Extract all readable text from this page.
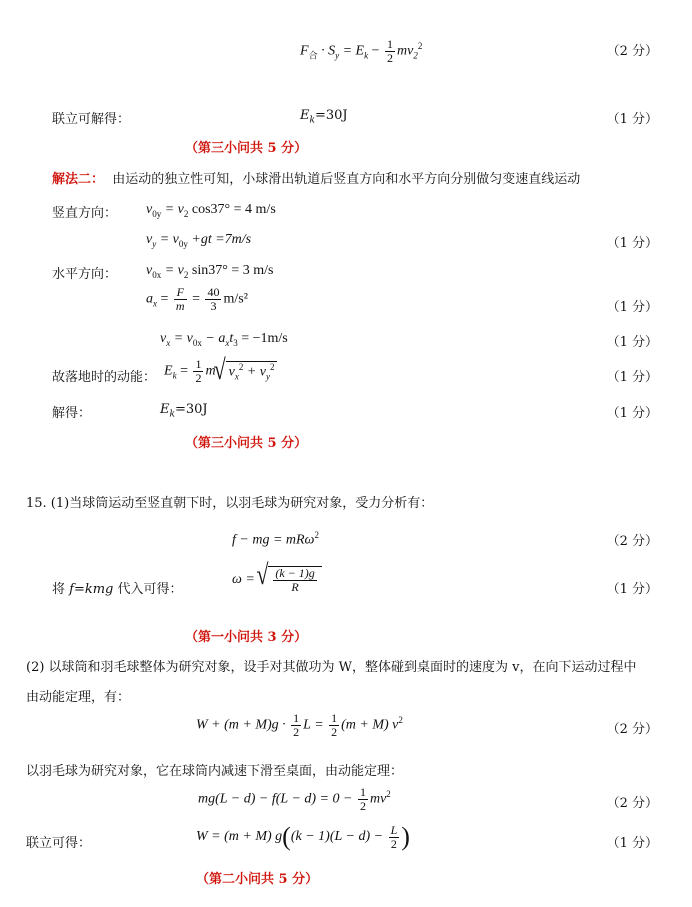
$F_合 \cdot S_y = E_k - \frac{1}{2} mv_2^2$	（2 分）
联立可解得：	$E_k=30J$	（1 分）
（第三小问共 5 分）
解法二： 由运动的独立性可知，小球滑出轨道后竖直方向和水平方向分别做匀变速直线运动
竖直方向： $v_{0y} = v_2$ cos37° = 4 m/s
$v_y = v_{0y} +gt =7m/s$	（1 分）
水平方向： $v_{0x} = v_2$ sin37° = 3 m/s
$a_x = \frac{F}{m} = \frac{40}{3} m/s^2$
（1 分）
$v_x = v_{0x} - a_xt_3 = -1m/s$	（1 分）
故落地时的动能： $E_k = \frac{1}{2} m√$ $v_x^2 + v_y^2$
（1 分）
解得：	$E_k=30J$	（1 分）
（第三小问共 5 分）
15. (1)当球筒运动至竖直朝下时，以羽毛球为研究对象，受力分析有：
f − mg = mRω$^2$	（2 分）
将 f=kmg 代入可得：
ω =
√ $\frac{(k - 1)g}{R}$	（1 分）
（第一小问共 3 分）
(2) 以球筒和羽毛球整体为研究对象，设手对其做功为 W，整体碰到桌面时的速度为 v，在向下运动过程中
由动能定理，有：
$W + (m + M)g \cdot \frac{1}{2}$ $L = \frac{1}{2} (m + M)$ $v^2$
（2 分）
以羽毛球为研究对象，它在球筒内减速下滑至桌面，由动能定理：
$mg(L - d) - f(L - d) = 0 - \frac{1}{2} mv^2$
（2 分）
联立可得：	W = (m + M) $g((k - 1)(L - d) - \frac{L}{2}$ )	（1 分）
（第二小问共 5 分）
